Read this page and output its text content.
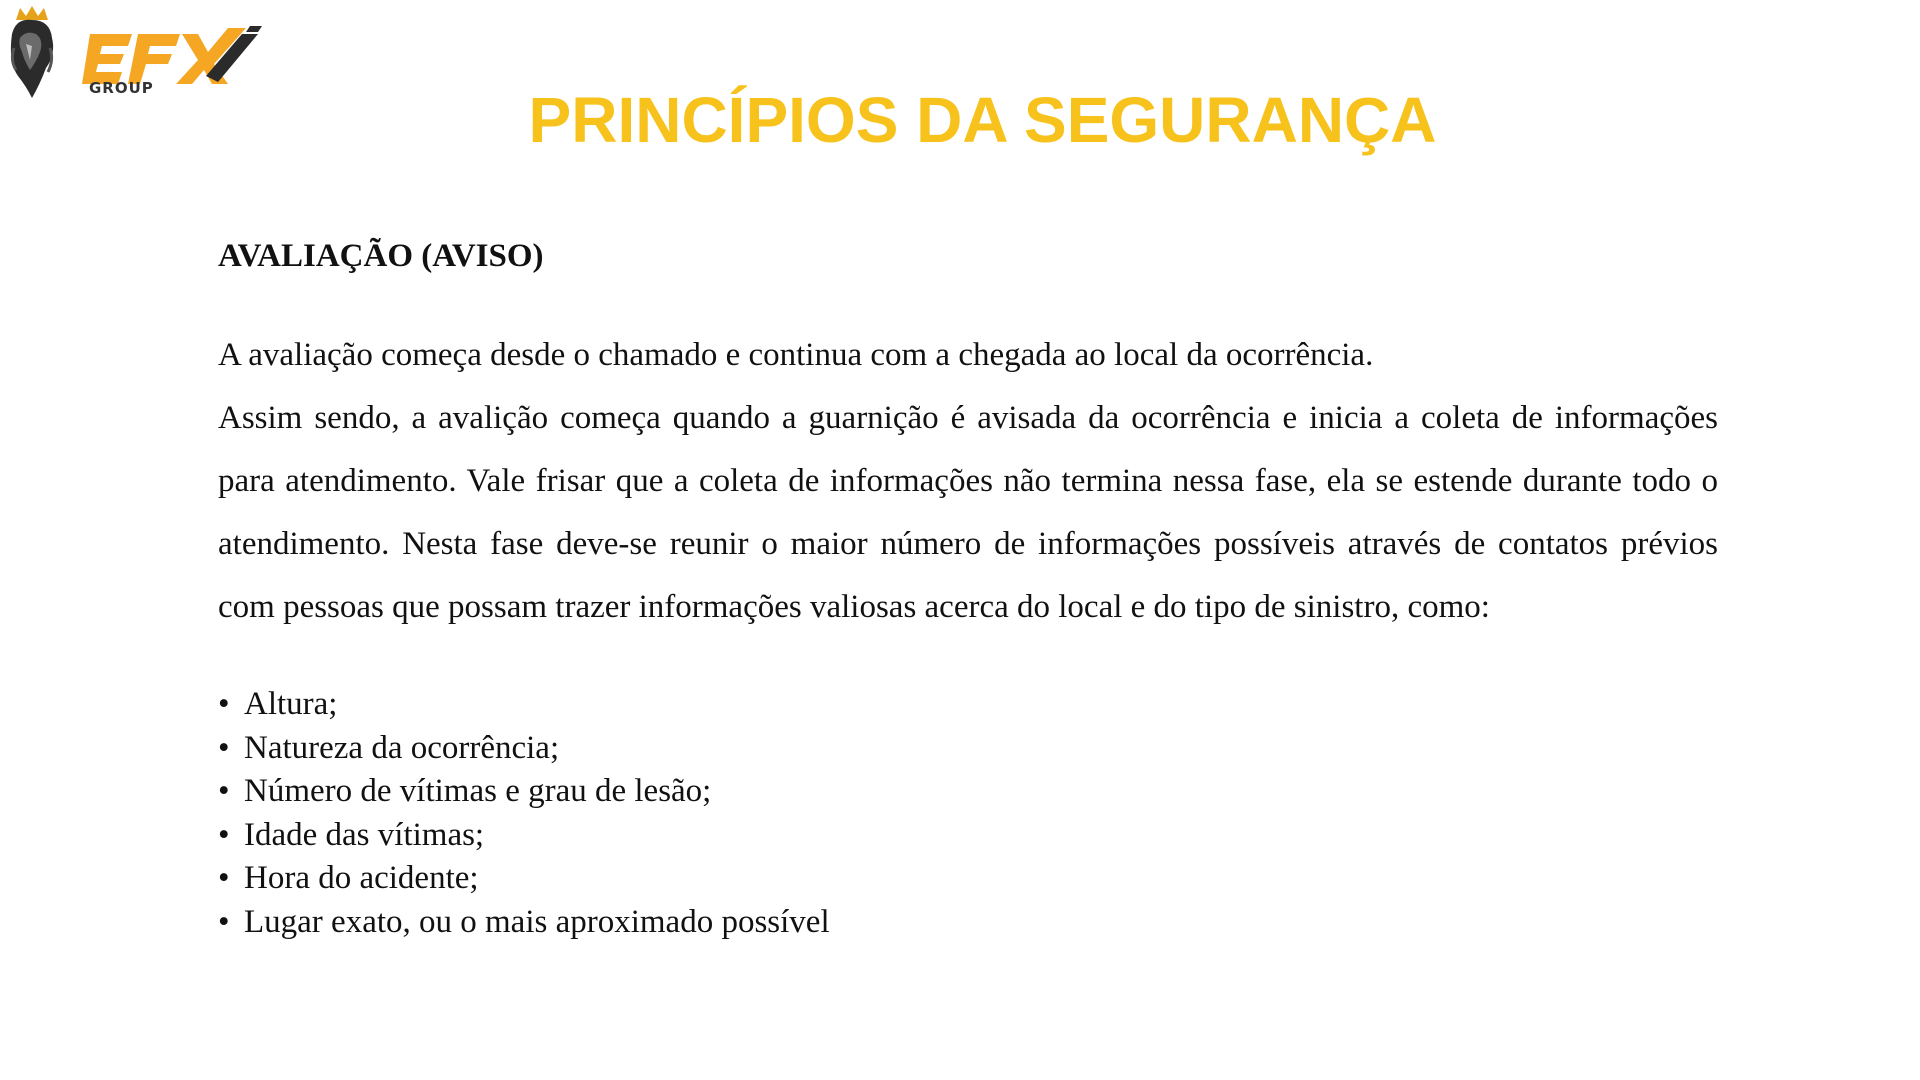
GROUP	PRINCÍPIOS DA SEGURANÇA

AVALIAÇÃO (AVISO)

A avaliação começa desde o chamado e continua com a chegada ao local da ocorrência.
Assim sendo, a avalição começa quando a guarnição é avisada da ocorrência e inicia a coleta de informações para atendimento. Vale frisar que a coleta de informações não termina nessa fase, ela se estende durante todo o atendimento. Nesta fase deve-se reunir o maior número de informações possíveis através de contatos prévios com pessoas que possam trazer informações valiosas acerca do local e do tipo de sinistro, como:

• Altura;
• Natureza da ocorrência;
• Número de vítimas e grau de lesão;
• Idade das vítimas;
• Hora do acidente;
• Lugar exato, ou o mais aproximado possível
